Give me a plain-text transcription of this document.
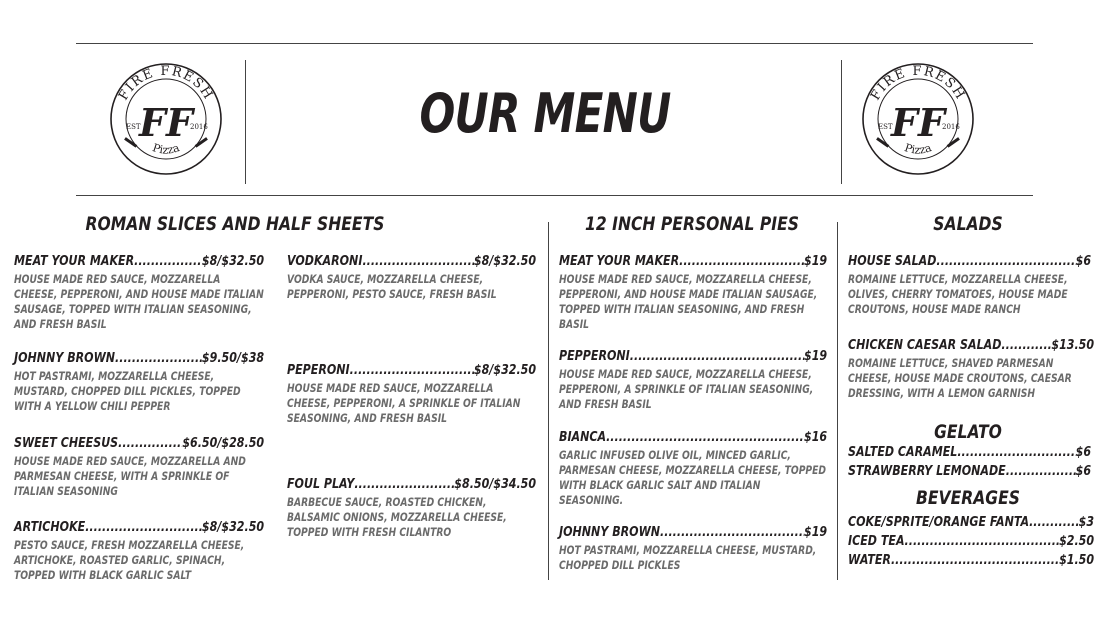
FIRE FRESH
FF
EST	2016
Pizza
FIRE FRESH
FF
EST	2016
Pizza
OUR MENU
ROMAN SLICES AND HALF SHEETS	12 INCH PERSONAL PIES	SALADS
GELATO
BEVERAGES
MEAT YOUR MAKER .....	$8/$32.50
HOUSE MADE RED SAUCE, MOZZARELLA CHEESE, PEPPERONI, AND HOUSE MADE ITALIAN SAUSAGE, TOPPED WITH ITALIAN SEASONING, AND FRESH BASIL
JOHNNY BROWN .....	$9.50/$38
HOT PASTRAMI, MOZZARELLA CHEESE, MUSTARD, CHOPPED DILL PICKLES, TOPPED WITH A YELLOW CHILI PEPPER
SWEET CHEESUS .....	$6.50/$28.50
HOUSE MADE RED SAUCE, MOZZARELLA AND PARMESAN CHEESE, WITH A SPRINKLE OF ITALIAN SEASONING
ARTICHOKE .....	$8/$32.50
PESTO SAUCE, FRESH MOZZARELLA CHEESE, ARTICHOKE, ROASTED GARLIC, SPINACH, TOPPED WITH BLACK GARLIC SALT
VODKARONI .....	$8/$32.50
VODKA SAUCE, MOZZARELLA CHEESE, PEPPERONI, PESTO SAUCE, FRESH BASIL
PEPERONI .....	$8/$32.50
HOUSE MADE RED SAUCE, MOZZARELLA CHEESE, PEPPERONI, A SPRINKLE OF ITALIAN SEASONING, AND FRESH BASIL
FOUL PLAY .....	$8.50/$34.50
BARBECUE SAUCE, ROASTED CHICKEN, BALSAMIC ONIONS, MOZZARELLA CHEESE, TOPPED WITH FRESH CILANTRO
MEAT YOUR MAKER .....	$19
HOUSE MADE RED SAUCE, MOZZARELLA CHEESE, PEPPERONI, AND HOUSE MADE ITALIAN SAUSAGE, TOPPED WITH ITALIAN SEASONING, AND FRESH BASIL
PEPPERONI .....	$19
HOUSE MADE RED SAUCE, MOZZARELLA CHEESE, PEPPERONI, A SPRINKLE OF ITALIAN SEASONING, AND FRESH BASIL
BIANCA .....	$16
GARLIC INFUSED OLIVE OIL, MINCED GARLIC, PARMESAN CHEESE, MOZZARELLA CHEESE, TOPPED WITH BLACK GARLIC SALT AND ITALIAN SEASONING.
JOHNNY BROWN .....	$19
HOT PASTRAMI, MOZZARELLA CHEESE, MUSTARD, CHOPPED DILL PICKLES
HOUSE SALAD .....	$6
ROMAINE LETTUCE, MOZZARELLA CHEESE, OLIVES, CHERRY TOMATOES, HOUSE MADE CROUTONS, HOUSE MADE RANCH
CHICKEN CAESAR SALAD .....	$13.50
ROMAINE LETTUCE, SHAVED PARMESAN CHEESE, HOUSE MADE CROUTONS, CAESAR DRESSING, WITH A LEMON GARNISH
SALTED CARAMEL .....	$6
STRAWBERRY LEMONADE .....	$6
COKE/SPRITE/ORANGE FANTA .....	$3
ICED TEA .....	$2.50
WATER .....	$1.50
